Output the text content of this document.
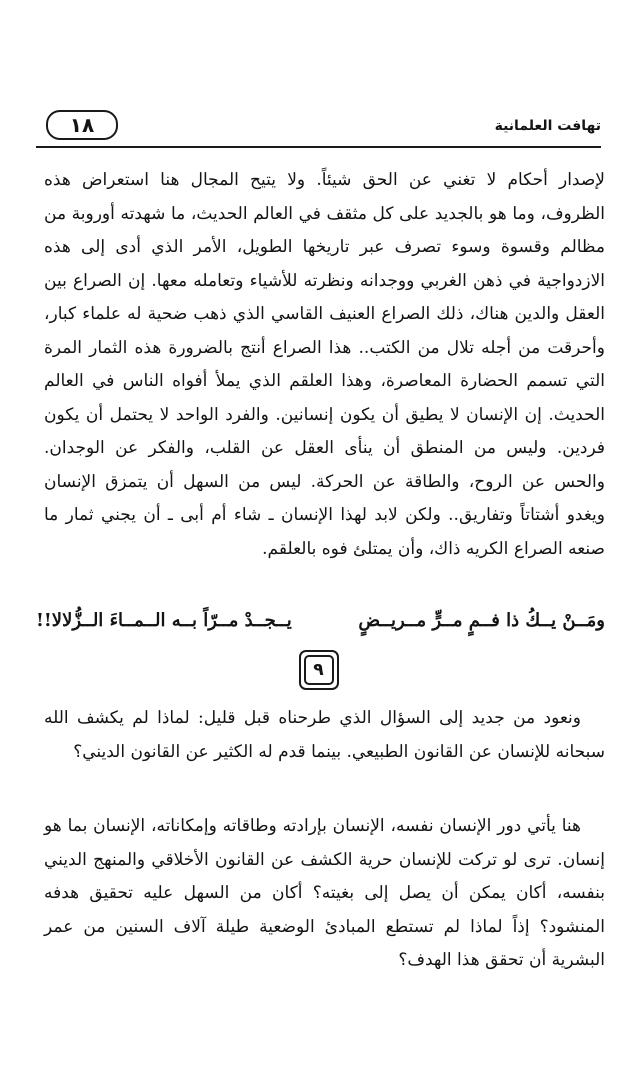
١٨	تهافت العلمانية

لإصدار أحكام لا تغني عن الحق شيئاً. ولا يتيح المجال هنا استعراض هذه الظروف، وما هو بالجديد على كل مثقف في العالم الحديث، ما شهدته أوروبة من مظالم وقسوة وسوء تصرف عبر تاريخها الطويل، الأمر الذي أدى إلى هذه الازدواجية في ذهن الغربي ووجدانه ونظرته للأشياء وتعامله معها. إن الصراع بين العقل والدين هناك، ذلك الصراع العنيف القاسي الذي ذهب ضحية له علماء كبار، وأحرقت من أجله تلال من الكتب.. هذا الصراع أنتج بالضرورة هذه الثمار المرة التي تسمم الحضارة المعاصرة، وهذا العلقم الذي يملأ أفواه الناس في العالم الحديث. إن الإنسان لا يطيق أن يكون إنسانين. والفرد الواحد لا يحتمل أن يكون فردين. وليس من المنطق أن ينأى العقل عن القلب، والفكر عن الوجدان. والحس عن الروح، والطاقة عن الحركة. ليس من السهل أن يتمزق الإنسان ويغدو أشتاتاً وتفاريق.. ولكن لابد لهذا الإنسان ـ شاء أم أبى ـ أن يجني ثمار ما صنعه الصراع الكريه ذاك، وأن يمتلئ فوه بالعلقم.

ومَــنْ يــكُ ذا فــمٍ مــرٍّ مــريــضٍ
يــجــدْ مــرّاً بــه الــمــاءَ الــزُّلالا!!
٩

ونعود من جديد إلى السؤال الذي طرحناه قبل قليل: لماذا لم يكشف الله سبحانه للإنسان عن القانون الطبيعي. بينما قدم له الكثير عن القانون الديني؟

هنا يأتي دور الإنسان نفسه، الإنسان بإرادته وطاقاته وإمكاناته، الإنسان بما هو إنسان. ترى لو تركت للإنسان حرية الكشف عن القانون الأخلاقي والمنهج الديني بنفسه، أكان يمكن أن يصل إلى بغيته؟ أكان من السهل عليه تحقيق هدفه المنشود؟ إذاً لماذا لم تستطع المبادئ الوضعية طيلة آلاف السنين من عمر البشرية أن تحقق هذا الهدف؟
